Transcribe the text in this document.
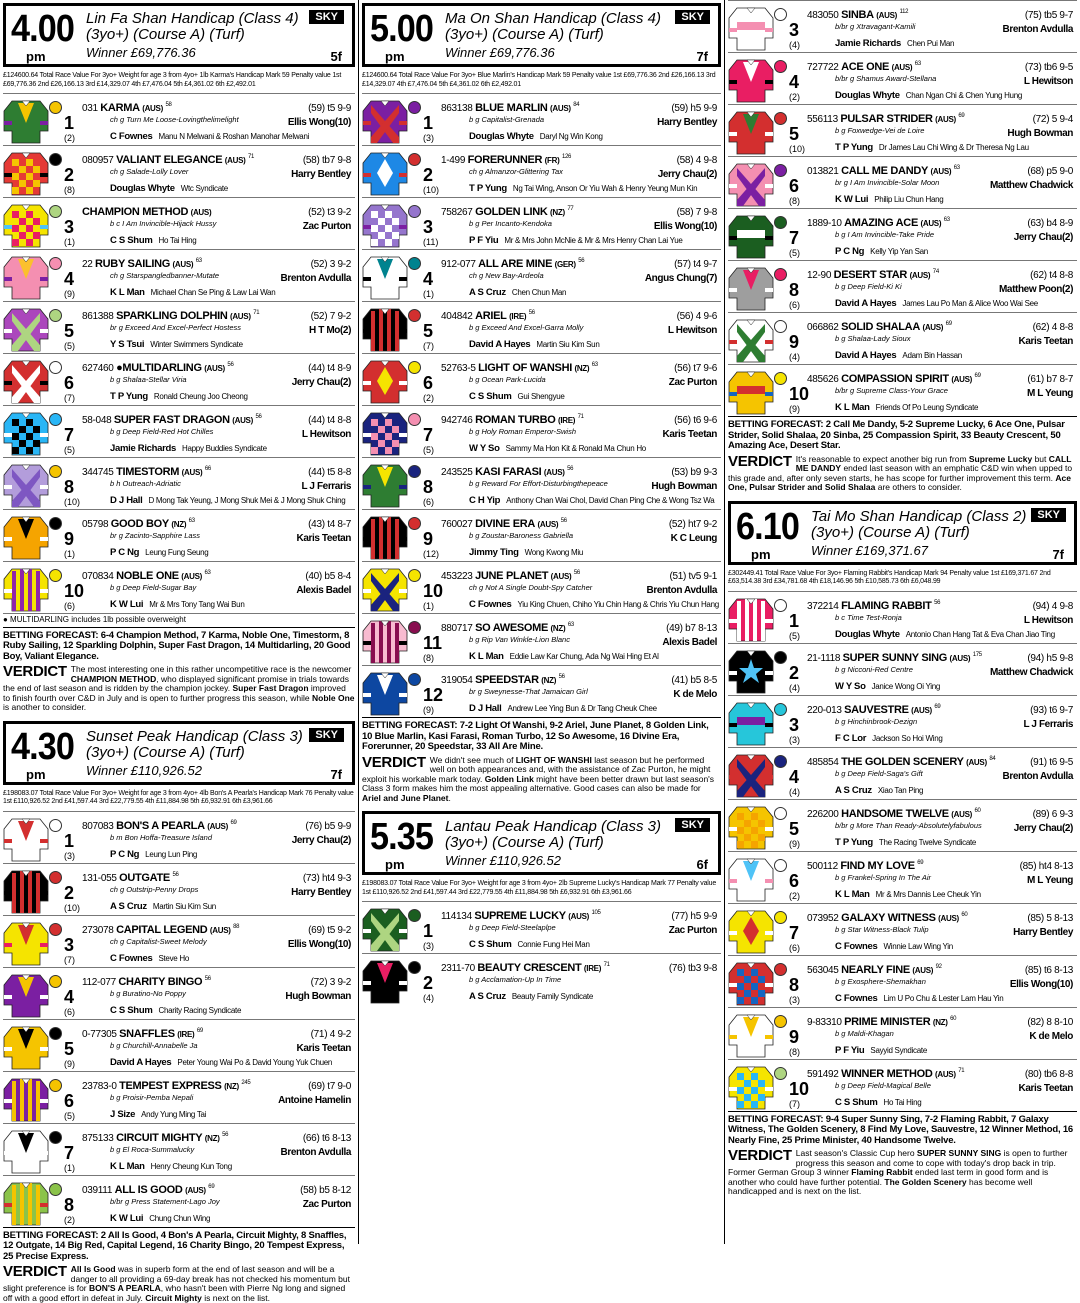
4.00
pm
Lin Fa Shan Handicap (Class 4)
(3yo+) (Course A) (Turf)
Winner £69,776.36
SKY
5f
£124600.64 Total Race Value For 3yo+ Weight for age 3 from 4yo+ 1lb Karma's Handicap Mark 59 Penalty value 1st £69,776.36 2nd £26,166.13 3rd £14,329.07 4th £7,476.04 5th £4,361.02 6th £2,492.01
1
(2)
031 KARMA (AUS) $^{58}$
ch g Turn Me Loose-Lovingthelimelight
C Fownes Manu N Melwani & Roshan Manohar Melwani
(59) t5 9-9
Ellis Wong(10)
2
(8)
080957 VALIANT ELEGANCE (AUS) $^{71}$
ch g Salade-Lolly Lover
Douglas Whyte Wtc Syndicate
(58) tb7 9-8
Harry Bentley
3
(1)
CHAMPION METHOD (AUS)
b c I Am Invincible-Hijack Hussy
C S Shum Ho Tai Hing
(52) t3 9-2
Zac Purton
4
(9)
22 RUBY SAILING (AUS) $^{63}$
ch g Starspangledbanner-Mutate
K L Man Michael Chan Se Ping & Law Lai Wan
(52) 3 9-2
Brenton Avdulla
5
(5)
861388 SPARKLING DOLPHIN (AUS) $^{71}$
br g Exceed And Excel-Perfect Hostess
Y S Tsui Winter Swimmers Syndicate
(52) 7 9-2
H T Mo(2)
6
(7)
627460 ●MULTIDARLING (AUS) $^{56}$
b g Shalaa-Stellar Viria
T P Yung Ronald Cheung Joo Cheong
(44) t4 8-9
Jerry Chau(2)
7
(5)
58-048 SUPER FAST DRAGON (AUS) $^{56}$
b g Deep Field-Red Hot Chilles
Jamie Richards Happy Buddies Syndicate
(44) t4 8-8
L Hewitson
8
(10)
344745 TIMESTORM (AUS) $^{66}$
b h Outreach-Adriatic
D J Hall D Mong Tak Yeung, J Mong Shuk Mei & J Mong Shuk Ching
(44) t5 8-8
L J Ferraris
9
(1)
05798 GOOD BOY (NZ) $^{63}$
br g Zacinto-Sapphire Lass
P C Ng Leung Fung Seung
(43) t4 8-7
Karis Teetan
10
(6)
070834 NOBLE ONE (AUS) $^{63}$
b g Deep Field-Sugar Bay
K W Lui Mr & Mrs Tony Tang Wai Bun
(40) b5 8-4
Alexis Badel
● MULTIDARLING includes 1lb possible overweight
BETTING FORECAST: 6-4 Champion Method, 7 Karma, Noble One, Timestorm, 8 Ruby Sailing, 12 Sparkling Dolphin, Super Fast Dragon, 14 Multidarling, 20 Good Boy, Valiant Elegance.
VERDICT The most interesting one in this rather uncompetitive race is the newcomer CHAMPION METHOD, who displayed significant promise in trials towards the end of last season and is ridden by the champion jockey. Super Fast Dragon improved to finish fourth over C&D in July and is open to further progress this season, while Noble One is another to consider.
4.30
pm
Sunset Peak Handicap (Class 3)
(3yo+) (Course A) (Turf)
Winner £110,926.52
SKY
7f
£198083.07 Total Race Value For 3yo+ Weight for age 3 from 4yo+ 4lb Bon's A Pearla's Handicap Mark 76 Penalty value 1st £110,926.52 2nd £41,597.44 3rd £22,779.55 4th £11,884.98 5th £6,932.91 6th £3,961.66
1
(3)
807083 BON'S A PEARLA (AUS) $^{69}$
b m Bon Hoffa-Treasure Island
P C Ng Leung Lun Ping
(76) b5 9-9
Jerry Chau(2)
2
(10)
131-055 OUTGATE $^{56}$
ch g Outstrip-Penny Drops
A S Cruz Martin Siu Kim Sun
(73) ht4 9-3
Harry Bentley
3
(7)
273078 CAPITAL LEGEND (AUS) $^{88}$
ch g Capitalist-Sweet Melody
C Fownes Steve Ho
(69) t5 9-2
Ellis Wong(10)
4
(6)
112-077 CHARITY BINGO $^{56}$
b g Buratino-No Poppy
C S Shum Charity Racing Syndicate
(72) 3 9-2
Hugh Bowman
5
(9)
0-77305 SNAFFLES (IRE) $^{69}$
b g Churchill-Annabelle Ja
David A Hayes Peter Young Wai Po & David Young Yuk Chuen
(71) 4 9-2
Karis Teetan
6
(5)
23783-0 TEMPEST EXPRESS (NZ) $^{245}$
b g Proisir-Pemba Nepali
J Size Andy Yung Ming Tai
(69) t7 9-0
Antoine Hamelin
7
(1)
875133 CIRCUIT MIGHTY (NZ) $^{56}$
b g El Roca-Summalucky
K L Man Henry Cheung Kun Tong
(66) t6 8-13
Brenton Avdulla
8
(2)
039111 ALL IS GOOD (AUS) $^{69}$
b/br g Press Statement-Lago Joy
K W Lui Chung Chun Wing
(58) b5 8-12
Zac Purton
BETTING FORECAST: 2 All Is Good, 4 Bon's A Pearla, Circuit Mighty, 8 Snaffles, 12 Outgate, 14 Big Red, Capital Legend, 16 Charity Bingo, 20 Tempest Express, 25 Precise Express.
VERDICT All Is Good was in superb form at the end of last season and will be a danger to all providing a 69-day break has not checked his momentum but slight preference is for BON'S A PEARLA, who hasn't been with Pierre Ng long and signed off with a good effort in defeat in July. Circuit Mighty is next on the list.
5.00
pm
Ma On Shan Handicap (Class 4)
(3yo+) (Course A) (Turf)
Winner £69,776.36
SKY
7f
£124600.64 Total Race Value For 3yo+ Blue Marlin's Handicap Mark 59 Penalty value 1st £69,776.36 2nd £26,166.13 3rd £14,329.07 4th £7,476.04 5th £4,361.02 6th £2,492.01
1
(3)
863138 BLUE MARLIN (AUS) $^{84}$
b g Capitalist-Grenada
Douglas Whyte Daryl Ng Win Kong
(59) h5 9-9
Harry Bentley
2
(10)
1-499 FORERUNNER (FR) $^{126}$
ch g Almanzor-Glittering Tax
T P Yung Ng Tai Wing, Anson Or Yiu Wah & Henry Yeung Mun Kin
(58) 4 9-8
Jerry Chau(2)
3
(11)
758267 GOLDEN LINK (NZ) $^{77}$
b g Per Incanto-Kendoka
P F Yiu Mr & Mrs John McNie & Mr & Mrs Henry Chan Lai Yue
(58) 7 9-8
Ellis Wong(10)
4
(1)
912-077 ALL ARE MINE (GER) $^{56}$
ch g New Bay-Ardeola
A S Cruz Chen Chun Man
(57) t4 9-7
Angus Chung(7)
5
(7)
404842 ARIEL (IRE) $^{56}$
b g Exceed And Excel-Garra Molly
David A Hayes Martin Siu Kim Sun
(56) 4 9-6
L Hewitson
6
(2)
52763-5 LIGHT OF WANSHI (NZ) $^{63}$
b g Ocean Park-Lucida
C S Shum Gui Shengyue
(56) t7 9-6
Zac Purton
7
(5)
942746 ROMAN TURBO (IRE) $^{71}$
b g Holy Roman Emperor-Swish
W Y So Sammy Ma Hon Kit & Ronald Ma Chun Ho
(56) t6 9-6
Karis Teetan
8
(6)
243525 KASI FARASI (AUS) $^{56}$
b g Reward For Effort-Disturbingthepeace
C H Yip Anthony Chan Wai Chol, David Chan Ping Che & Wong Tsz Wa
(53) b9 9-3
Hugh Bowman
9
(12)
760027 DIVINE ERA (AUS) $^{56}$
b g Zoustar-Baroness Gabriella
Jimmy Ting Wong Kwong Miu
(52) ht7 9-2
K C Leung
10
(1)
453223 JUNE PLANET (AUS) $^{56}$
ch g Not A Single Doubt-Spy Catcher
C Fownes Yiu King Chuen, Chiho Yiu Chin Hang & Chris Yiu Chun Hang
(51) tv5 9-1
Brenton Avdulla
11
(8)
880717 SO AWESOME (NZ) $^{63}$
b g Rip Van Winkle-Lion Blanc
K L Man Eddie Law Kar Chung, Ada Ng Wai Hing Et Al
(49) b7 8-13
Alexis Badel
12
(9)
319054 SPEEDSTAR (NZ) $^{56}$
br g Sweynesse-That Jamaican Girl
D J Hall Andrew Lee Ying Bun & Dr Tang Cheuk Chee
(41) b5 8-5
K de Melo
BETTING FORECAST: 7-2 Light Of Wanshi, 9-2 Ariel, June Planet, 8 Golden Link, 10 Blue Marlin, Kasi Farasi, Roman Turbo, 12 So Awesome, 16 Divine Era, Forerunner, 20 Speedstar, 33 All Are Mine.
VERDICT We didn't see much of LIGHT OF WANSHI last season but he performed well on both appearances and, with the assistance of Zac Purton, he might exploit his workable mark today. Golden Link might have been better drawn but last season's Class 3 form makes him the most appealing alternative. Good cases can also be made for Ariel and June Planet.
5.35
pm
Lantau Peak Handicap (Class 3)
(3yo+) (Course A) (Turf)
Winner £110,926.52
SKY
6f
£198083.07 Total Race Value For 3yo+ Weight for age 3 from 4yo+ 2lb Supreme Lucky's Handicap Mark 77 Penalty value 1st £110,926.52 2nd £41,597.44 3rd £22,779.55 4th £11,884.98 5th £6,932.91 6th £3,961.66
1
(3)
114134 SUPREME LUCKY (AUS) $^{105}$
b g Deep Field-Steelaplpe
C S Shum Connie Fung Hei Man
(77) h5 9-9
Zac Purton
2
(4)
2311-70 BEAUTY CRESCENT (IRE) $^{71}$
b g Acclamation-Up In Time
A S Cruz Beauty Family Syndicate
(76) tb3 9-8
3
(4)
483050 SINBA (AUS) $^{112}$
b/br g Xtravagant-Kamili
Jamie Richards Chen Pui Man
(75) tb5 9-7
Brenton Avdulla
4
(2)
727722 ACE ONE (AUS) $^{63}$
b/br g Shamus Award-Stellana
Douglas Whyte Chan Ngan Chi & Chen Yung Hung
(73) tb6 9-5
L Hewitson
5
(10)
556113 PULSAR STRIDER (AUS) $^{69}$
b g Foxwedge-Vei de Loire
T P Yung Dr James Lau Chi Wing & Dr Theresa Ng Lau
(72) 5 9-4
Hugh Bowman
6
(8)
013821 CALL ME DANDY (AUS) $^{63}$
br g I Am Invincible-Solar Moon
K W Lui Philip Liu Chun Hang
(68) p5 9-0
Matthew Chadwick
7
(5)
1889-10 AMAZING ACE (AUS) $^{63}$
b g I Am Invincible-Take Pride
P C Ng Kelly Yip Yan San
(63) b4 8-9
Jerry Chau(2)
8
(6)
12-90 DESERT STAR (AUS) $^{74}$
b g Deep Field-Ki Ki
David A Hayes James Lau Po Man & Alice Woo Wai See
(62) t4 8-8
Matthew Poon(2)
9
(4)
066862 SOLID SHALAA (AUS) $^{69}$
b g Shalaa-Lady Sioux
David A Hayes Adam Bin Hassan
(62) 4 8-8
Karis Teetan
10
(9)
485626 COMPASSION SPIRIT (AUS) $^{69}$
b/br g Supreme Class-Your Grace
K L Man Friends Of Po Leung Syndicate
(61) b7 8-7
M L Yeung
BETTING FORECAST: 2 Call Me Dandy, 5-2 Supreme Lucky, 6 Ace One, Pulsar Strider, Solid Shalaa, 20 Sinba, 25 Compassion Spirit, 33 Beauty Crescent, 50 Amazing Ace, Desert Star.
VERDICT It's reasonable to expect another big run from Supreme Lucky but CALL ME DANDY ended last season with an emphatic C&D win when upped to this grade and, after only seven starts, he has scope for further improvement this term. Ace One, Pulsar Strider and Solid Shalaa are others to consider.
6.10
pm
Tai Mo Shan Handicap (Class 2)
(3yo+) (Course A) (Turf)
Winner £169,371.67
SKY
7f
£302449.41 Total Race Value For 3yo+ Flaming Rabbit's Handicap Mark 94 Penalty value 1st £169,371.67 2nd £63,514.38 3rd £34,781.68 4th £18,146.96 5th £10,585.73 6th £6,048.99
1
(5)
372214 FLAMING RABBIT $^{56}$
b c Time Test-Ronja
Douglas Whyte Antonio Chan Hang Tat & Eva Chan Jiao Ting
(94) 4 9-8
L Hewitson
2
(4)
21-1118 SUPER SUNNY SING (AUS) $^{175}$
b g Nicconi-Red Centre
W Y So Janice Wong Oi Ying
(94) h5 9-8
Matthew Chadwick
3
(3)
220-013 SAUVESTRE (AUS) $^{69}$
b g Hinchinbrook-Dezign
F C Lor Jackson So Hoi Wing
(93) t6 9-7
L J Ferraris
4
(4)
485854 THE GOLDEN SCENERY (AUS) $^{84}$
b g Deep Field-Saga's Gift
A S Cruz Xiao Tan Ping
(91) t6 9-5
Brenton Avdulla
5
(9)
226200 HANDSOME TWELVE (AUS) $^{60}$
b/br g More Than Ready-Absolutelyfabulous
T P Yung The Racing Twelve Syndicate
(89) 6 9-3
Jerry Chau(2)
6
(2)
500112 FIND MY LOVE $^{69}$
b g Frankel-Spring In The Air
K L Man Mr & Mrs Dannis Lee Cheuk Yin
(85) ht4 8-13
M L Yeung
7
(6)
073952 GALAXY WITNESS (AUS) $^{60}$
b g Star Witness-Black Tulip
C Fownes Winnie Law Wing Yin
(85) 5 8-13
Harry Bentley
8
(3)
563045 NEARLY FINE (AUS) $^{92}$
b g Exosphere-Shemakhan
C Fownes Lim U Po Chu & Lester Lam Hau Yin
(85) t6 8-13
Ellis Wong(10)
9
(8)
9-83310 PRIME MINISTER (NZ) $^{60}$
b g Maldi-Khagan
P F Yiu Sayyid Syndicate
(82) 8 8-10
K de Melo
10
(7)
591492 WINNER METHOD (AUS) $^{71}$
b g Deep Field-Magical Belle
C S Shum Ho Tai Hing
(80) tb6 8-8
Karis Teetan
BETTING FORECAST: 9-4 Super Sunny Sing, 7-2 Flaming Rabbit, 7 Galaxy Witness, The Golden Scenery, 8 Find My Love, Sauvestre, 12 Winner Method, 16 Nearly Fine, 25 Prime Minister, 40 Handsome Twelve.
VERDICT Last season's Classic Cup hero SUPER SUNNY SING is open to further progress this season and come to cope with today's drop back in trip. Former German Group 3 winner Flaming Rabbit ended last term in good form and is another who could have further potential. The Golden Scenery has become well handicapped and is next on the list.
